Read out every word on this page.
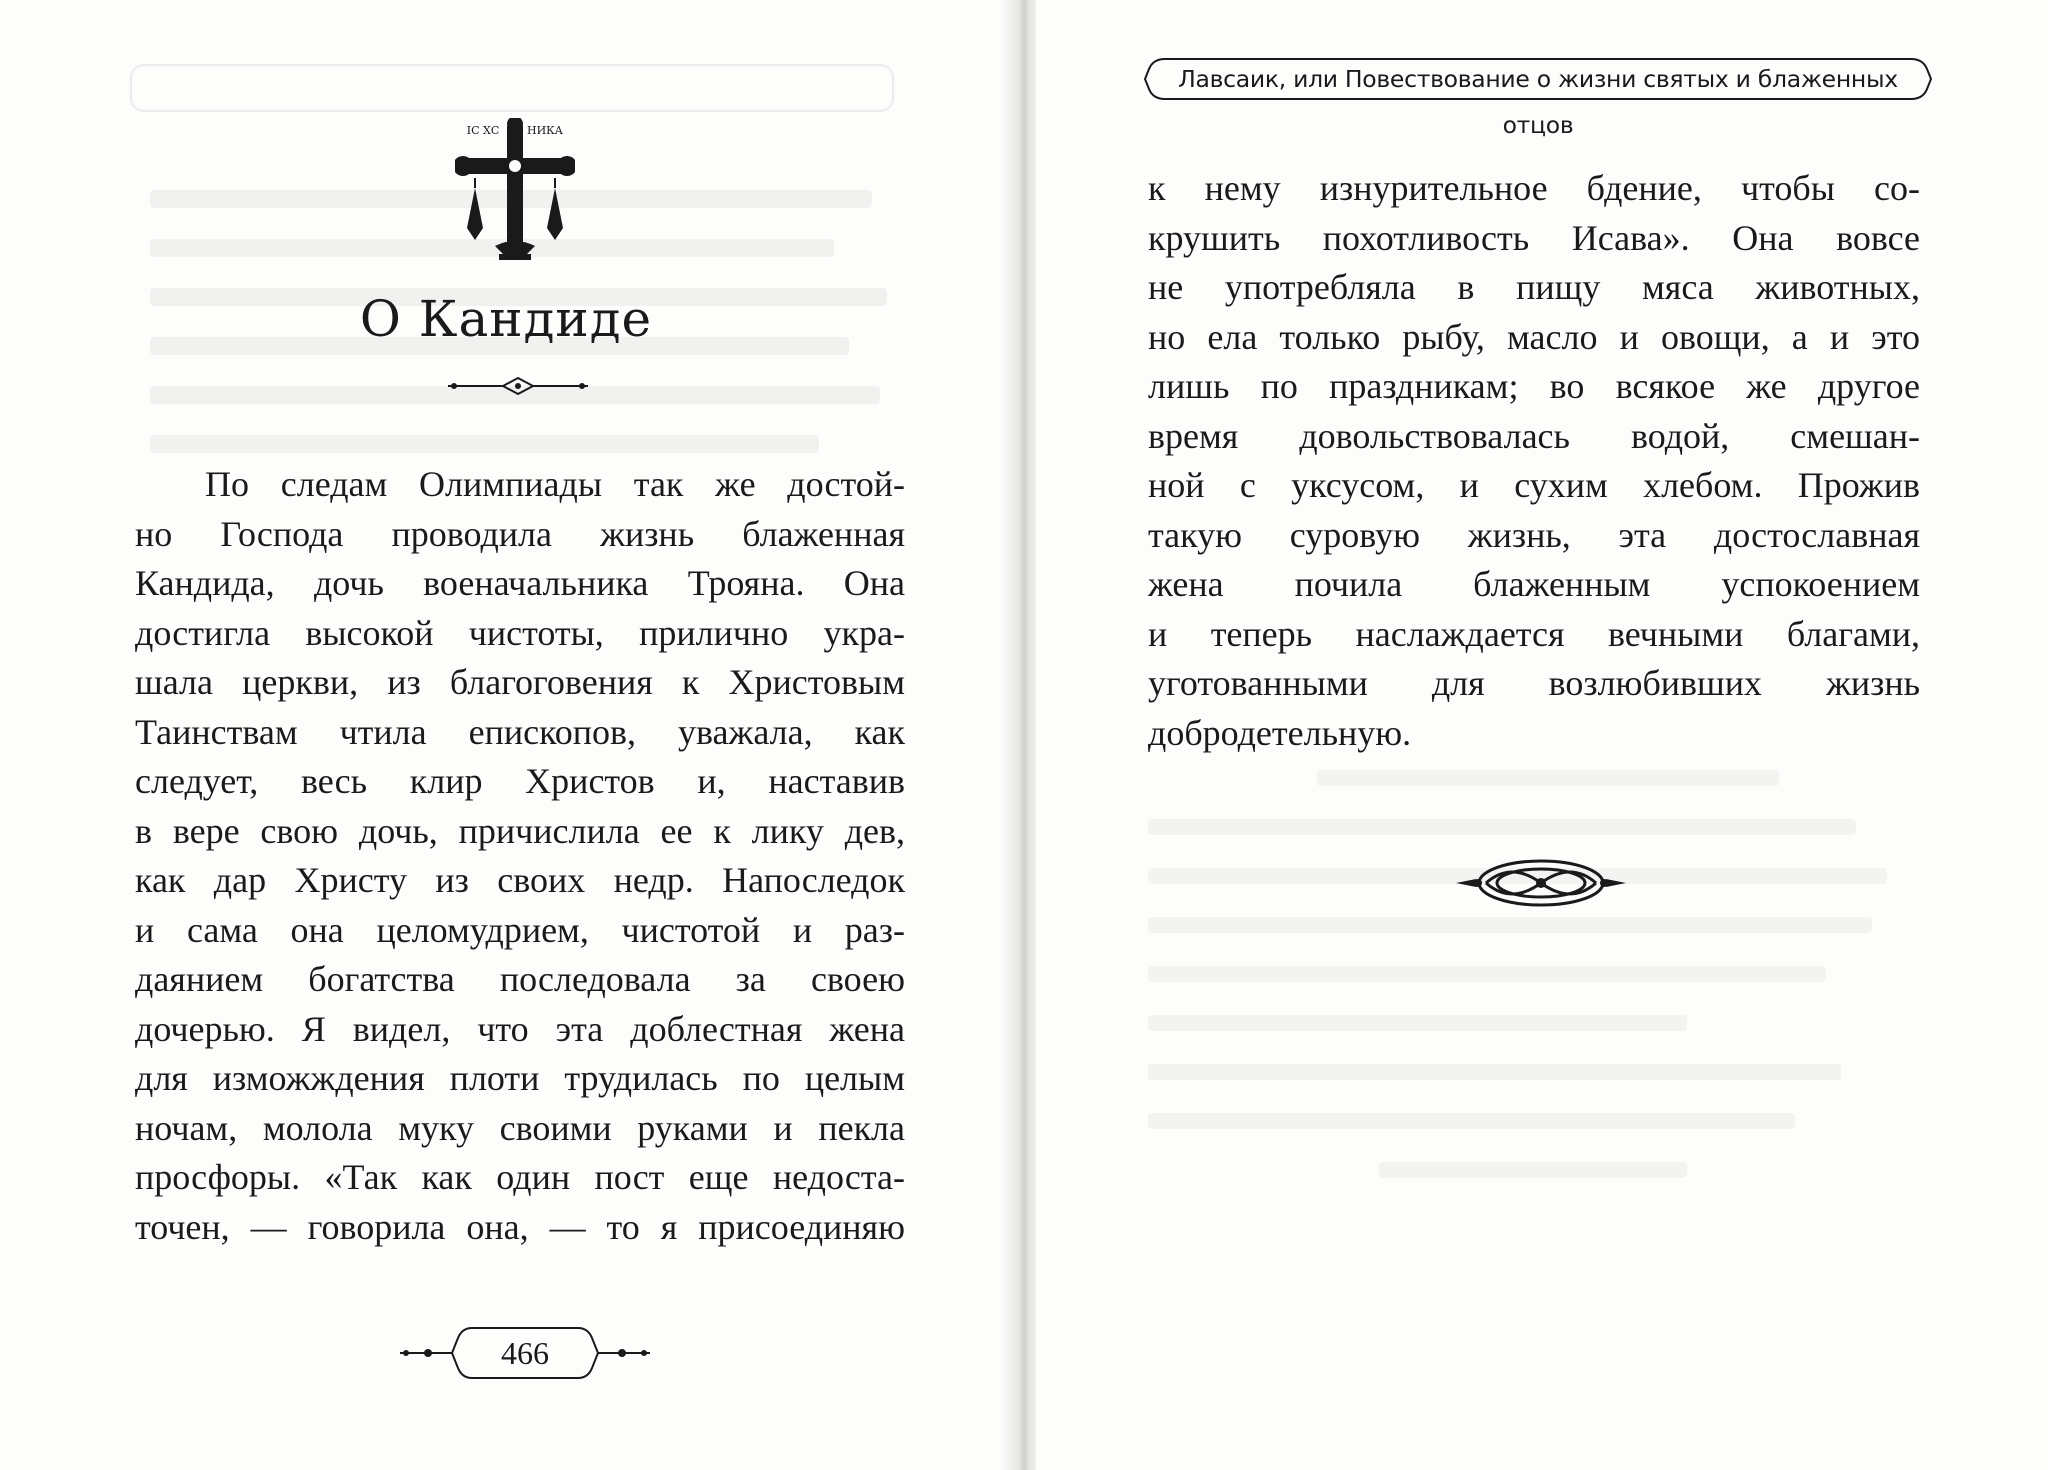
IС ХС	НИКА
О Кандиде

По следам Олимпиады так же достой-
но Господа проводила жизнь блаженная
Кандида, дочь военачальника Трояна. Она
достигла высокой чистоты, прилично укра-
шала церкви, из благоговения к Христовым
Таинствам чтила епископов, уважала, как
следует, весь клир Христов и, наставив
в вере свою дочь, причислила ее к лику дев,
как дар Христу из своих недр. Напоследок
и сама она целомудрием, чистотой и раз-
даянием богатства последовала за своею
дочерью. Я видел, что эта доблестная жена
для изможждения плоти трудилась по целым
ночам, молола муку своими руками и пекла
просфоры. «Так как один пост еще недоста-
точен, — говорила она, — то я присоединяю

466
Лавсаик, или Повествование о жизни святых и блаженных отцов

к нему изнурительное бдение, чтобы со-
крушить похотливость Исава». Она вовсе
не употребляла в пищу мяса животных,
но ела только рыбу, масло и овощи, а и это
лишь по праздникам; во всякое же другое
время довольствовалась водой, смешан-
ной с уксусом, и сухим хлебом. Прожив
такую суровую жизнь, эта достославная
жена почила блаженным успокоением
и теперь наслаждается вечными благами,
уготованными для возлюбивших жизнь
добродетельную.
